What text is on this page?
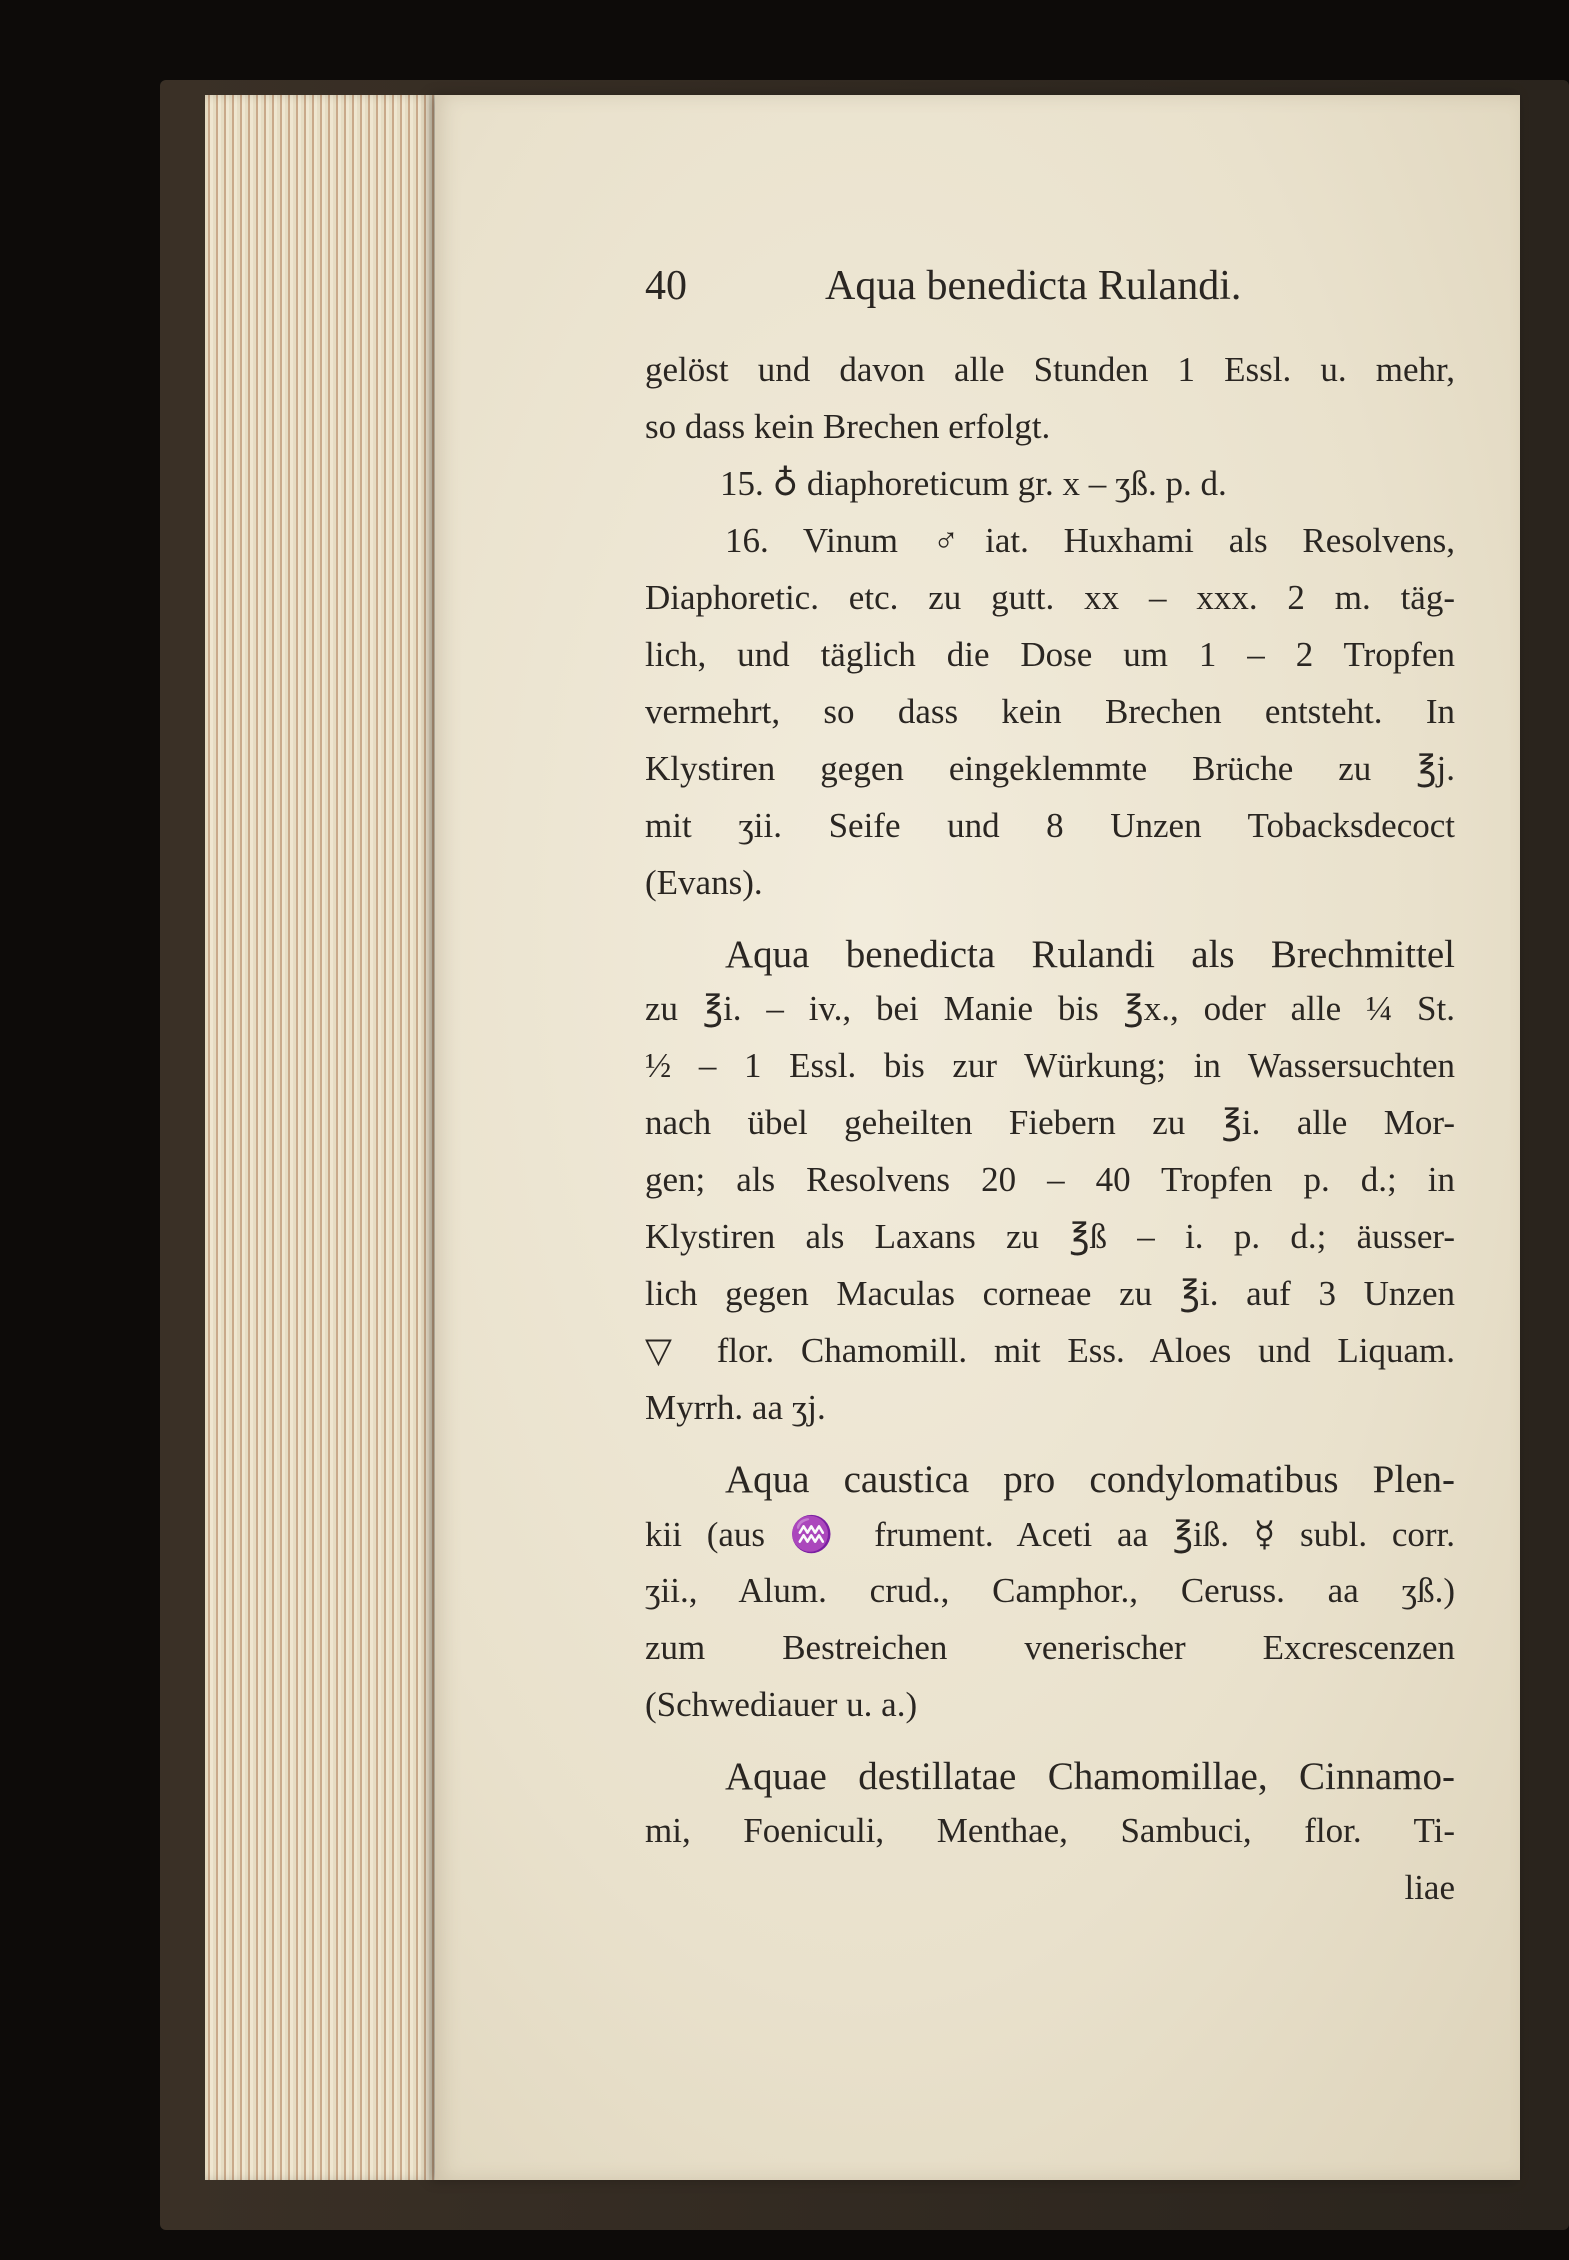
40	Aqua benedicta Rulandi.
gelöst und davon alle Stunden 1 Essl. u. mehr,
so dass kein Brechen erfolgt.
15. ♁ diaphoreticum gr. x – ʒß. p. d.
16. Vinum ♂iat. Huxhami als Resolvens,
Diaphoretic. etc. zu gutt. xx – xxx. 2 m. täg-
lich, und täglich die Dose um 1 – 2 Tropfen
vermehrt, so dass kein Brechen entsteht. In
Klystiren gegen eingeklemmte Brüche zu ℥j.
mit ʒii. Seife und 8 Unzen Tobacksdecoct
(Evans).
Aqua benedicta Rulandi als Brechmittel
zu ℥i. – iv., bei Manie bis ℥x., oder alle ¼ St.
½ – 1 Essl. bis zur Würkung; in Wassersuchten
nach übel geheilten Fiebern zu ℥i. alle Mor-
gen; als Resolvens 20 – 40 Tropfen p. d.; in
Klystiren als Laxans zu ℥ß – i. p. d.; äusser-
lich gegen Maculas corneae zu ℥i. auf 3 Unzen
▽ flor. Chamomill. mit Ess. Aloes und Liquam.
Myrrh. aa ʒj.
Aqua caustica pro condylomatibus Plen-
kii (aus ♒ frument. Aceti aa ℥iß. ☿ subl. corr.
ʒii., Alum. crud., Camphor., Ceruss. aa ʒß.)
zum Bestreichen venerischer Excrescenzen
(Schwediauer u. a.)
Aquae destillatae Chamomillae, Cinnamo-
mi, Foeniculi, Menthae, Sambuci, flor. Ti-
liae
